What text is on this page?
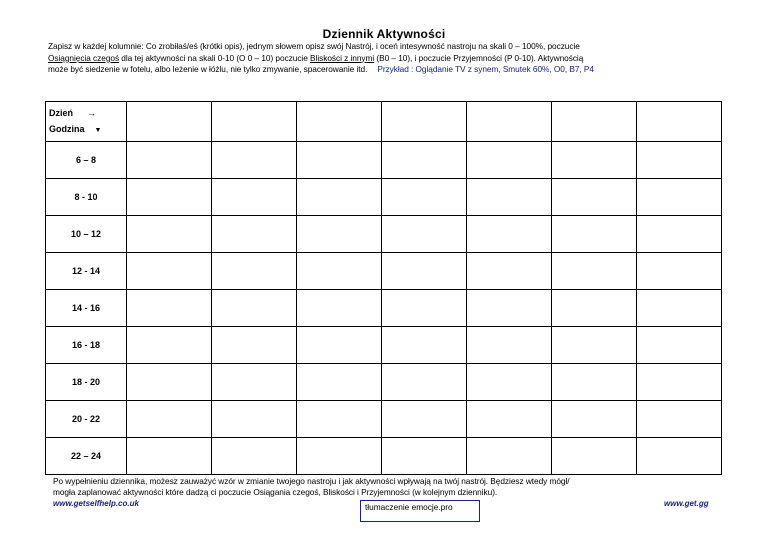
Dziennik Aktywności
Zapisz w każdej kolumnie: Co zrobiłaś/eś (krótki opis), jednym słowem opisz swój Nastrój, i oceń intesywność nastroju na skali 0 – 100%, poczucie
Osiągnięcia czegoś dla tej aktywności na skali 0-10 (O 0 – 10) poczucie Bliskości z innymi (B0 – 10), i poczucie Przyjemności (P 0-10). Aktywnością
może być siedzenie w fotelu, albo leżenie w łóżlu, nie tylko zmywanie, spacerowanie itd. Przykład : Oglądanie TV z synem, Smutek 60%, O0, B7, P4
Dzień →
Godzina ▼							

6 – 8							
8 - 10							
10 – 12							
12 - 14							
14 - 16							
16 - 18							
18 - 20							
20 - 22							
22 – 24							
Po wypełnieniu dziennika, możesz zauważyć wzór w zmianie twojego nastroju i jak aktywności wpływają na twój nastrój. Będziesz wtedy mógł/
mogła zaplanować aktywności które dadzą ci poczucie Osiągania czegoś, Bliskości i Przyjemności (w kolejnym dzienniku).
www.getselfhelp.co.uk	www.get.gg
tłumaczenie emocje.pro
